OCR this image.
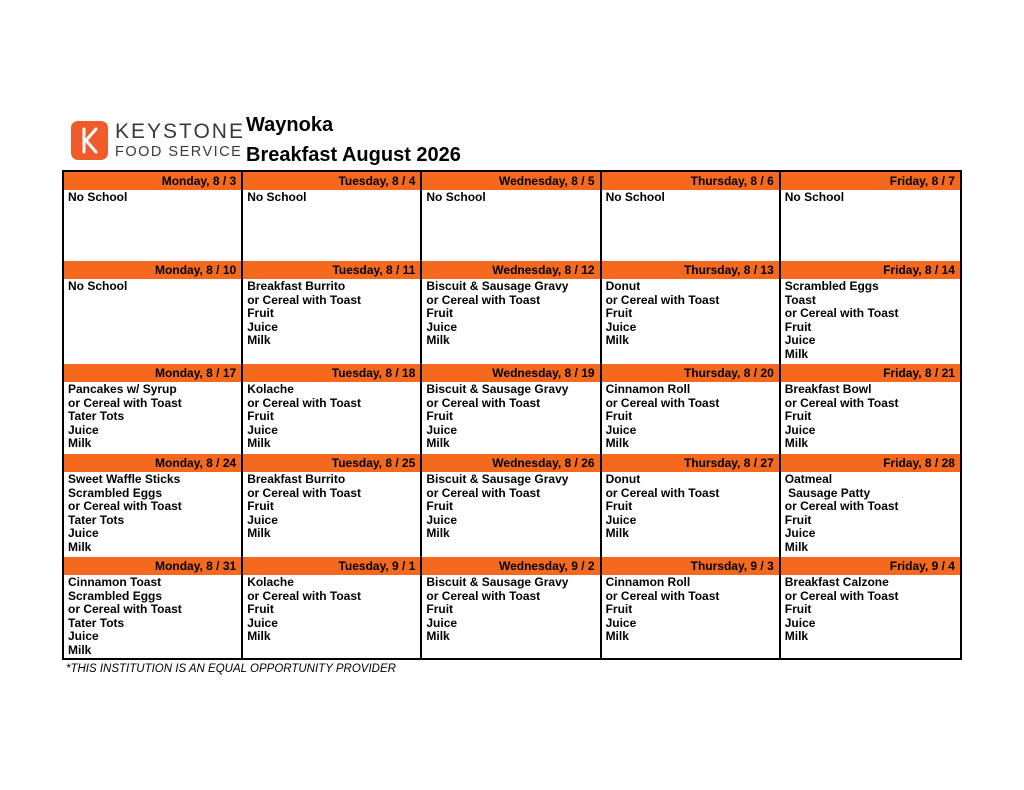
KEYSTONE
FOOD SERVICE
Waynoka
Breakfast August 2026
Monday, 8 / 3
No School
Tuesday, 8 / 4
No School
Wednesday, 8 / 5
No School
Thursday, 8 / 6
No School
Friday, 8 / 7
No School
Monday, 8 / 10
No School
Tuesday, 8 / 11
Breakfast Burrito
or Cereal with Toast
Fruit
Juice
Milk
Wednesday, 8 / 12
Biscuit & Sausage Gravy
or Cereal with Toast
Fruit
Juice
Milk
Thursday, 8 / 13
Donut
or Cereal with Toast
Fruit
Juice
Milk
Friday, 8 / 14
Scrambled Eggs
Toast
or Cereal with Toast
Fruit
Juice
Milk
Monday, 8 / 17
Pancakes w/ Syrup
or Cereal with Toast
Tater Tots
Juice
Milk
Tuesday, 8 / 18
Kolache
or Cereal with Toast
Fruit
Juice
Milk
Wednesday, 8 / 19
Biscuit & Sausage Gravy
or Cereal with Toast
Fruit
Juice
Milk
Thursday, 8 / 20
Cinnamon Roll
or Cereal with Toast
Fruit
Juice
Milk
Friday, 8 / 21
Breakfast Bowl
or Cereal with Toast
Fruit
Juice
Milk
Monday, 8 / 24
Sweet Waffle Sticks
Scrambled Eggs
or Cereal with Toast
Tater Tots
Juice
Milk
Tuesday, 8 / 25
Breakfast Burrito
or Cereal with Toast
Fruit
Juice
Milk
Wednesday, 8 / 26
Biscuit & Sausage Gravy
or Cereal with Toast
Fruit
Juice
Milk
Thursday, 8 / 27
Donut
or Cereal with Toast
Fruit
Juice
Milk
Friday, 8 / 28
Oatmeal
Sausage Patty
or Cereal with Toast
Fruit
Juice
Milk
Monday, 8 / 31
Cinnamon Toast
Scrambled Eggs
or Cereal with Toast
Tater Tots
Juice
Milk
Tuesday, 9 / 1
Kolache
or Cereal with Toast
Fruit
Juice
Milk
Wednesday, 9 / 2
Biscuit & Sausage Gravy
or Cereal with Toast
Fruit
Juice
Milk
Thursday, 9 / 3
Cinnamon Roll
or Cereal with Toast
Fruit
Juice
Milk
Friday, 9 / 4
Breakfast Calzone
or Cereal with Toast
Fruit
Juice
Milk
*THIS INSTITUTION IS AN EQUAL OPPORTUNITY PROVIDER
